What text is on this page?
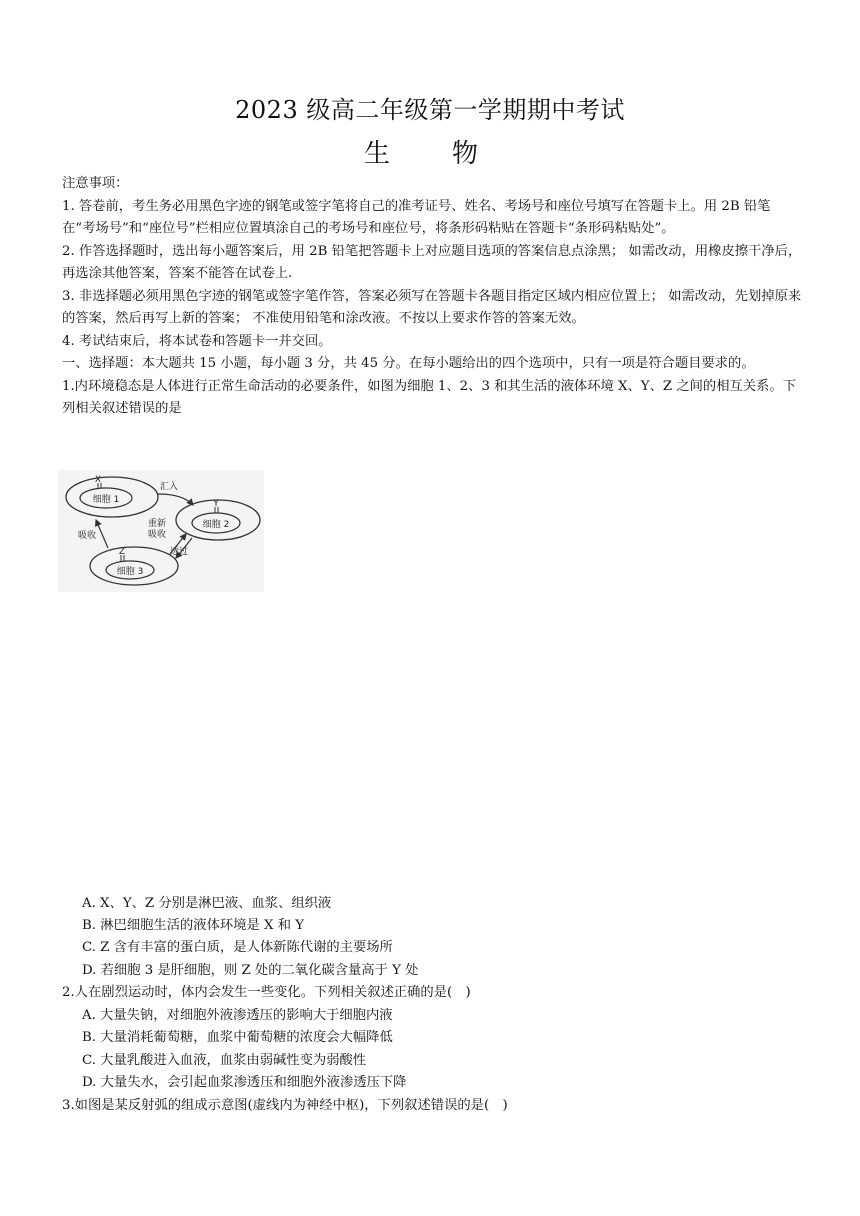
2023 级高二年级第一学期期中考试
生　物

注意事项：

1. 答卷前，考生务必用黑色字迹的钢笔或签字笔将自己的准考证号、姓名、考场号和座位号填写在答题卡上。用 2B 铅笔在“考场号”和“座位号”栏相应位置填涂自己的考场号和座位号，将条形码粘贴在答题卡“条形码粘贴处”。

2. 作答选择题时，选出每小题答案后，用 2B 铅笔把答题卡上对应题目选项的答案信息点涂黑； 如需改动，用橡皮擦干净后，再选涂其他答案，答案不能答在试卷上.

3. 非选择题必须用黑色字迹的钢笔或签字笔作答，答案必须写在答题卡各题目指定区域内相应位置上； 如需改动，先划掉原来的答案，然后再写上新的答案； 不准使用铅笔和涂改液。不按以上要求作答的答案无效。

4. 考试结束后，将本试卷和答题卡一并交回。

一、选择题：本大题共 15 小题，每小题 3 分，共 45 分。在每小题给出的四个选项中，只有一项是符合题目要求的。

1.内环境稳态是人体进行正常生命活动的必要条件，如图为细胞 1、2、3 和其生活的液体环境 X、Y、Z 之间的相互关系。下列相关叙述错误的是

细胞 1
X
细胞 2
Y
细胞 3
Z
汇入
吸收
重新
吸收
透过
A. X、Y、Z 分别是淋巴液、血浆、组织液
B. 淋巴细胞生活的液体环境是 X 和 Y
C. Z 含有丰富的蛋白质，是人体新陈代谢的主要场所
D. 若细胞 3 是肝细胞，则 Z 处的二氧化碳含量高于 Y 处
2.人在剧烈运动时，体内会发生一些变化。下列相关叙述正确的是(　)
A. 大量失钠，对细胞外液渗透压的影响大于细胞内液
B. 大量消耗葡萄糖，血浆中葡萄糖的浓度会大幅降低
C. 大量乳酸进入血液，血浆由弱碱性变为弱酸性
D. 大量失水，会引起血浆渗透压和细胞外液渗透压下降
3.如图是某反射弧的组成示意图(虚线内为神经中枢)，下列叙述错误的是(　)
